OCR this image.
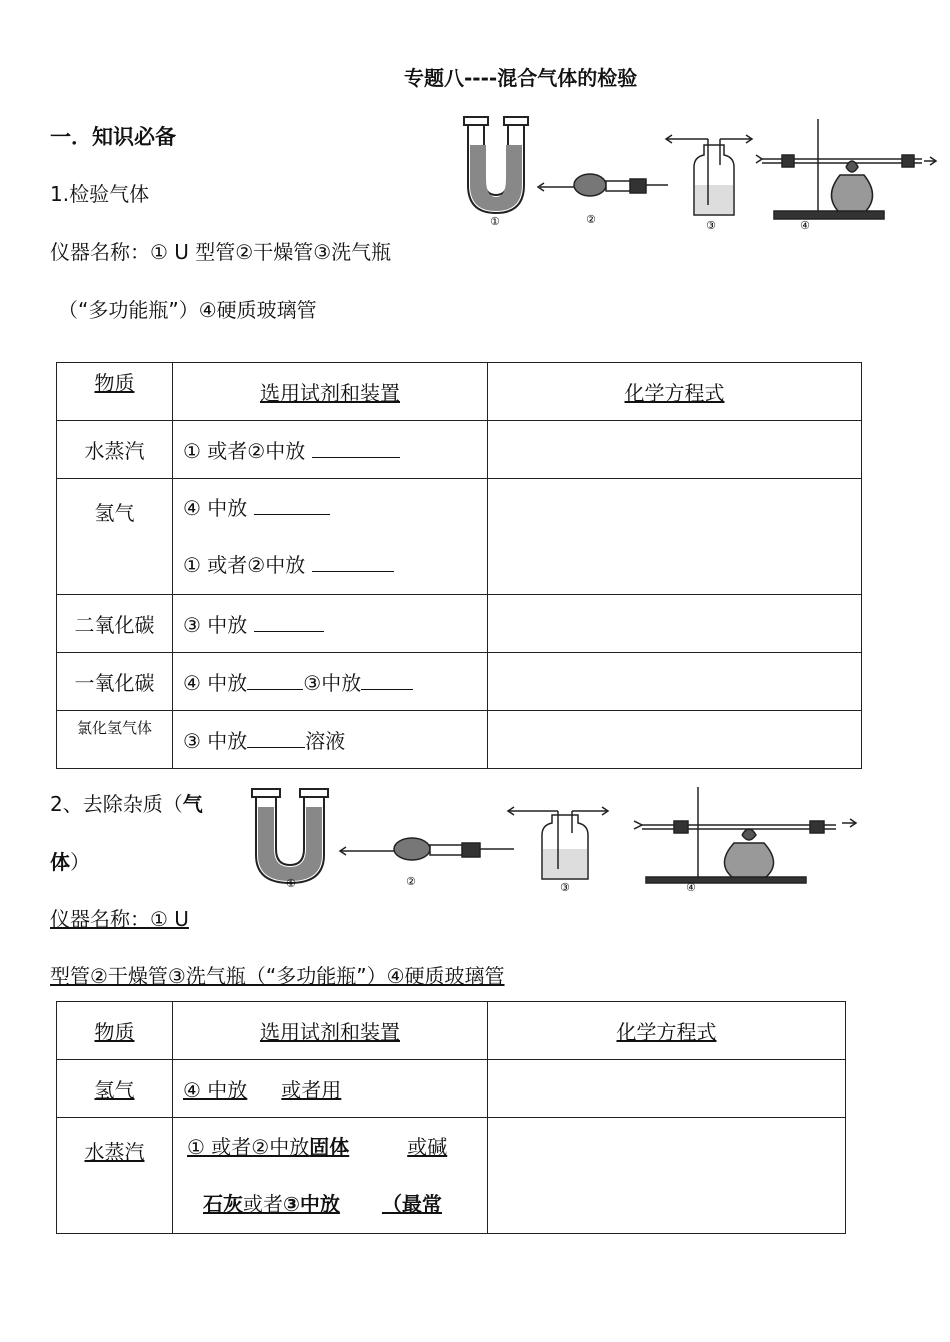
专题八----混合气体的检验
一．知识必备
1.检验气体
仪器名称：① U 型管②干燥管③洗气瓶
（“多功能瓶”）④硬质玻璃管
①	②	③	④
物质	选用试剂和装置	化学方程式
水蒸汽	① 或者②中放	
氢气	④ 中放
① 或者②中放	

二氧化碳	③ 中放	
一氧化碳	④ 中放 ③中放	
氯化氢气体	③ 中放 溶液	
2、去除杂质（气
体）
仪器名称：① U
型管②干燥管③洗气瓶（“多功能瓶”）④硬质玻璃管
①	②	③	④
物质	选用试剂和装置	化学方程式
氢气	④ 中放 或者用	
水蒸汽	① 或者②中放固体 或碱
石灰或者③中放 （最常	
